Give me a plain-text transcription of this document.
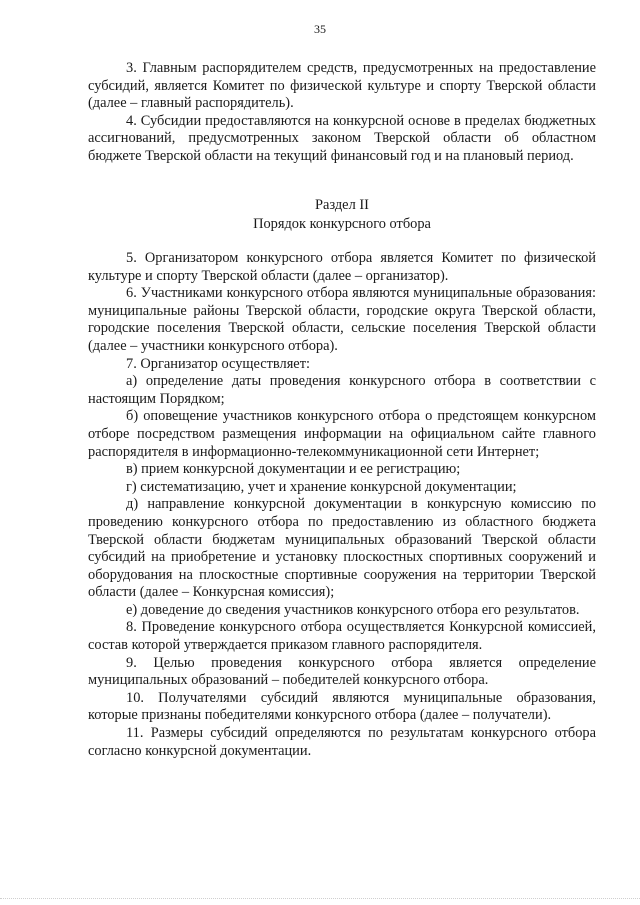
35

3. Главным распорядителем средств, предусмотренных на предоставление субсидий, является Комитет по физической культуре и спорту Тверской области (далее – главный распорядитель).

4. Субсидии предоставляются на конкурсной основе в пределах бюджетных ассигнований, предусмотренных законом Тверской области об областном бюджете Тверской области на текущий финансовый год и на плановый период.

Раздел II
Порядок конкурсного отбора

5. Организатором конкурсного отбора является Комитет по физической культуре и спорту Тверской области (далее – организатор).

6. Участниками конкурсного отбора являются муниципальные образования: муниципальные районы Тверской области, городские округа Тверской области, городские поселения Тверской области, сельские поселения Тверской области (далее – участники конкурсного отбора).

7. Организатор осуществляет:

а) определение даты проведения конкурсного отбора в соответствии с настоящим Порядком;

б) оповещение участников конкурсного отбора о предстоящем конкурсном отборе посредством размещения информации на официальном сайте главного распорядителя в информационно-телекоммуникационной сети Интернет;

в) прием конкурсной документации и ее регистрацию;

г) систематизацию, учет и хранение конкурсной документации;

д) направление конкурсной документации в конкурсную комиссию по проведению конкурсного отбора по предоставлению из областного бюджета Тверской области бюджетам муниципальных образований Тверской области субсидий на приобретение и установку плоскостных спортивных сооружений и оборудования на плоскостные спортивные сооружения на территории Тверской области (далее – Конкурсная комиссия);

е) доведение до сведения участников конкурсного отбора его результатов.

8. Проведение конкурсного отбора осуществляется Конкурсной комиссией, состав которой утверждается приказом главного распорядителя.

9. Целью проведения конкурсного отбора является определение муниципальных образований – победителей конкурсного отбора.

10. Получателями субсидий являются муниципальные образования, которые признаны победителями конкурсного отбора (далее – получатели).

11. Размеры субсидий определяются по результатам конкурсного отбора согласно конкурсной документации.
